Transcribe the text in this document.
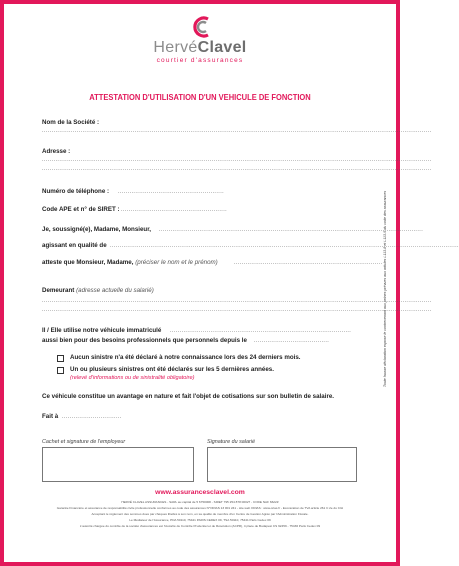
HervéClavel
courtier d'assurances
ATTESTATION D'UTILISATION D'UN VEHICULE DE FONCTION
Nom de la Société :
..........................................................................................................................................................................................................
Adresse :
..........................................................................................................................................................................................................
..........................................................................................................................................................................................................
Numéro de téléphone : .......................................................
Code APE et n° de SIRET : .......................................................
Je, soussigné(e), Madame, Monsieur, .........................................................................................................................................
agissant en qualité de .....................................................................................................................................................................................
atteste que Monsieur, Madame, (préciser le nom et le prénom)	.............................................................................
Demeurant (adresse actuelle du salarié)
..........................................................................................................................................................................................................
..........................................................................................................................................................................................................
Il / Elle utilise notre véhicule immatriculé ..............................................................................................
aussi bien pour des besoins professionnels que personnels depuis le .......................................
Aucun sinistre n'a été déclaré à notre connaissance lors des 24 derniers mois.
Un ou plusieurs sinistres ont été déclarés sur les 5 dernières années.
(relevé d'informations ou de sinistralité obligatoire)
Ce véhicule constitue un avantage en nature et fait l'objet de cotisations sur son bulletin de salaire.
Fait à ...............................
Cachet et signature de l'employeur	Signature du salarié
www.assurancesclavel.com
HERVÉ CLAVEL ASSURANCES - SARL au capital de 5 675000€ - SIRET 795 254 878 00027 - CODE NAF 6622Z
Garantie Financière et assurance de responsabilité civile professionnelle conformes au code des assurances N°ORIAS 13 001 241 - site web ORIAS : www.orias.fr - Exonération de TVA article 261 C 2e du CGI
Acceptant le règlement des sommes dues par chèques libellés à son nom, en sa qualité de membre d'un Centre de Gestion Agréé par l'Administration Fiscale.
Le Médiateur de l'Assurance, PDA 50110, 75441 PARIS CEDEX 09, TSA 50110, 75441 Paris Cedex 09
L'autorité chargée du contrôle de la société d'assurances est l'Autorité de Contrôle Prudentiel et de Résolution (ACPR), 4 place de Budapest CS 92459 - 75436 Paris Cedex 09
Toute fausse déclaration expose le contrevenant aux peines prévues aux articles L113-8 et L113-9 du code des assurances
